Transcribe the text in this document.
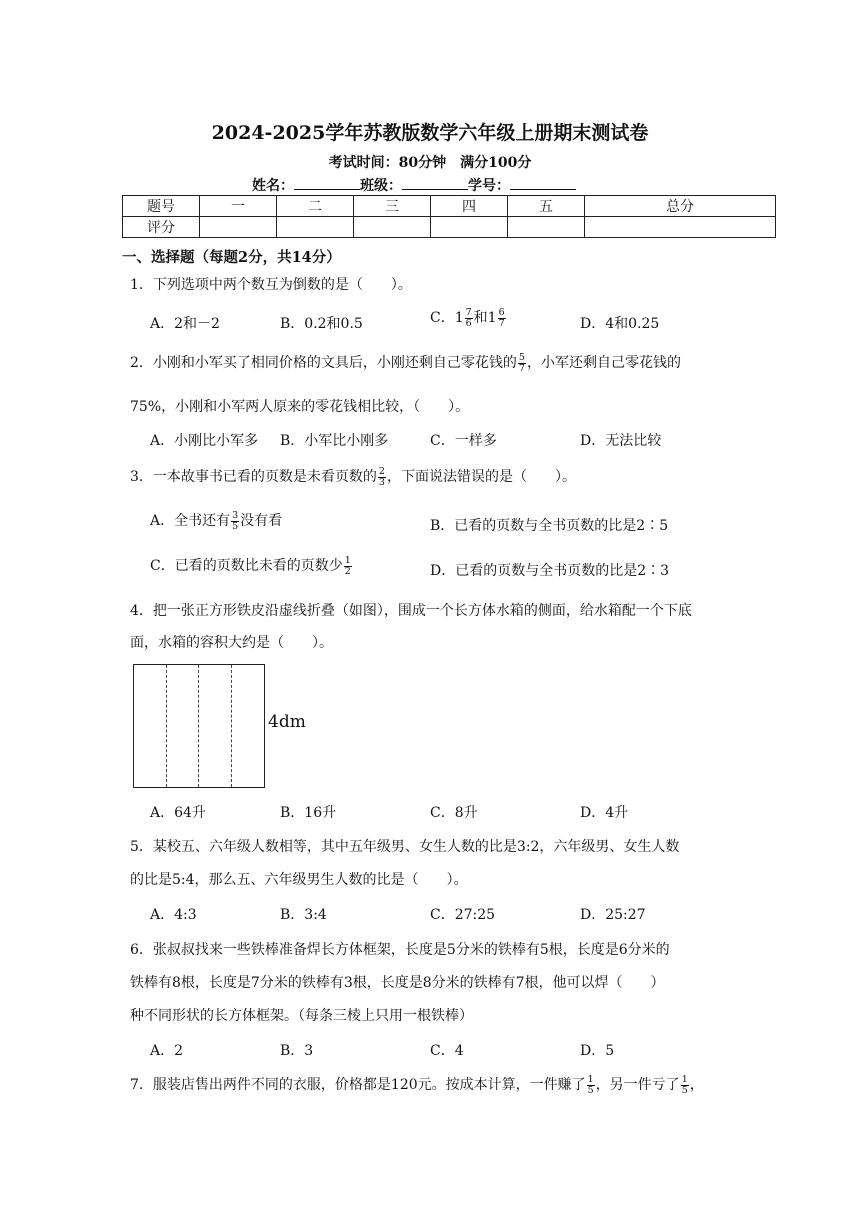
2024-2025学年苏教版数学六年级上册期末测试卷
考试时间：80分钟　满分100分
姓名：	班级：	学号：
题号	一	二	三	四	五	总分
评分						
一、选择题（每题2分，共14分）
1．下列选项中两个数互为倒数的是（　　）。
A．2和－2	B．0.2和0.5	C．$1 \frac{7}{6}$ 和$1 \frac{6}{7}$	D．4和0.25
2．小刚和小军买了相同价格的文具后，小刚还剩自己零花钱的 $\frac{5}{7}$ ，小军还剩自己零花钱的
75%，小刚和小军两人原来的零花钱相比较，（　　）。
A．小刚比小军多 B．小军比小刚多	C．一样多	D．无法比较
3．一本故事书已看的页数是未看页数的 $\frac{2}{3}$ ，下面说法错误的是（　　）。
A．全书还有 $\frac{3}{5}$ 没有看	B．已看的页数与全书页数的比是2∶5
C．已看的页数比未看的页数少 $\frac{1}{2}$	D．已看的页数与全书页数的比是2∶3
4．把一张正方形铁皮沿虚线折叠（如图），围成一个长方体水箱的侧面，给水箱配一个下底
面，水箱的容积大约是（　　）。
4dm
A．64升	B．16升	C．8升	D．4升
5．某校五、六年级人数相等，其中五年级男、女生人数的比是3:2，六年级男、女生人数
的比是5:4，那么五、六年级男生人数的比是（　　）。
A．4:3	B．3:4	C．27:25	D．25:27
6．张叔叔找来一些铁棒准备焊长方体框架，长度是5分米的铁棒有5根，长度是6分米的
铁棒有8根，长度是7分米的铁棒有3根，长度是8分米的铁棒有7根，他可以焊（　　）
种不同形状的长方体框架。（每条三棱上只用一根铁棒）
A．2	B．3	C．4	D．5
7．服装店售出两件不同的衣服，价格都是120元。按成本计算，一件赚了 $\frac{1}{5}$ ，另一件亏了 $\frac{1}{5}$ ，
